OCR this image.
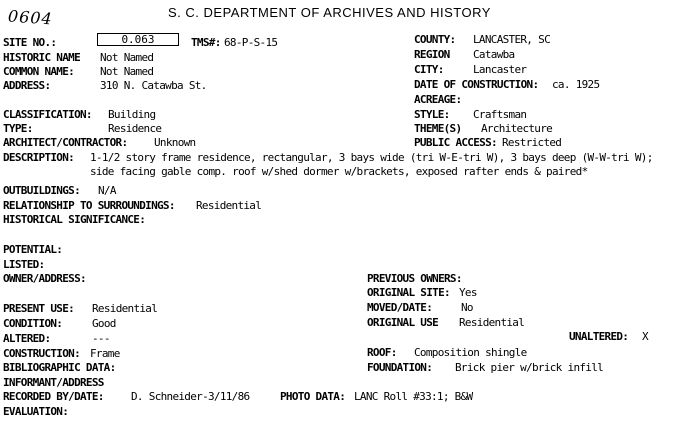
0604	S. C. DEPARTMENT OF ARCHIVES AND HISTORY
SITE NO.:	0.063	TMS#: 68-P-S-15
HISTORIC NAME Not Named
COMMON NAME: Not Named
ADDRESS:	310 N. Catawba St.
COUNTY: LANCASTER, SC
REGION Catawba
CITY:	Lancaster
DATE OF CONSTRUCTION: ca. 1925
ACREAGE:
CLASSIFICATION: Building
TYPE:	Residence
ARCHITECT/CONTRACTOR: Unknown
STYLE: Craftsman
THEME(S) Architecture
PUBLIC ACCESS: Restricted
DESCRIPTION: 1-1/2 story frame residence, rectangular, 3 bays wide (tri W-E-tri W), 3 bays deep (W-W-tri W);
side facing gable comp. roof w/shed dormer w/brackets, exposed rafter ends & paired*
OUTBUILDINGS: N/A
RELATIONSHIP TO SURROUNDINGS: Residential
HISTORICAL SIGNIFICANCE:
POTENTIAL:
LISTED:
OWNER/ADDRESS:	PREVIOUS OWNERS:
ORIGINAL SITE: Yes
MOVED/DATE:	No
ORIGINAL USE Residential
PRESENT USE: Residential
CONDITION:	Good
ALTERED:	---	UNALTERED: X
CONSTRUCTION: Frame	ROOF: Composition shingle
BIBLIOGRAPHIC DATA:	FOUNDATION: Brick pier w/brick infill
INFORMANT/ADDRESS
RECORDED BY/DATE: D. Schneider-3/11/86	PHOTO DATA: LANC Roll #33:1; B&W
EVALUATION:
